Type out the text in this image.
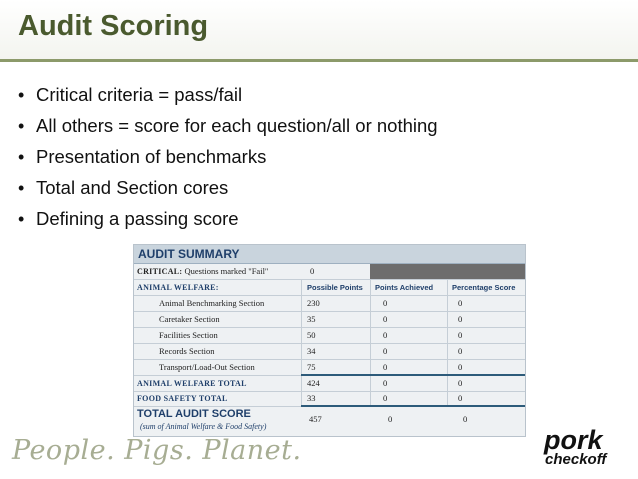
Audit Scoring
• Critical criteria = pass/fail
• All others = score for each question/all or nothing
• Presentation of benchmarks
• Total and Section cores
• Defining a passing score
AUDIT SUMMARY
CRITICAL: Questions marked "Fail"	0
ANIMAL WELFARE:	Possible Points	Points Achieved	Percentage Score
Animal Benchmarking Section	230	0	0
Caretaker Section	35	0	0
Facilities Section	50	0	0
Records Section	34	0	0
Transport/Load-Out Section	75	0	0
ANIMAL WELFARE TOTAL	424	0	0
FOOD SAFETY TOTAL	33	0	0
TOTAL AUDIT SCORE
(sum of Animal Welfare & Food Safety)
457	0	0
People. Pigs. Planet.	pork
checkoff
